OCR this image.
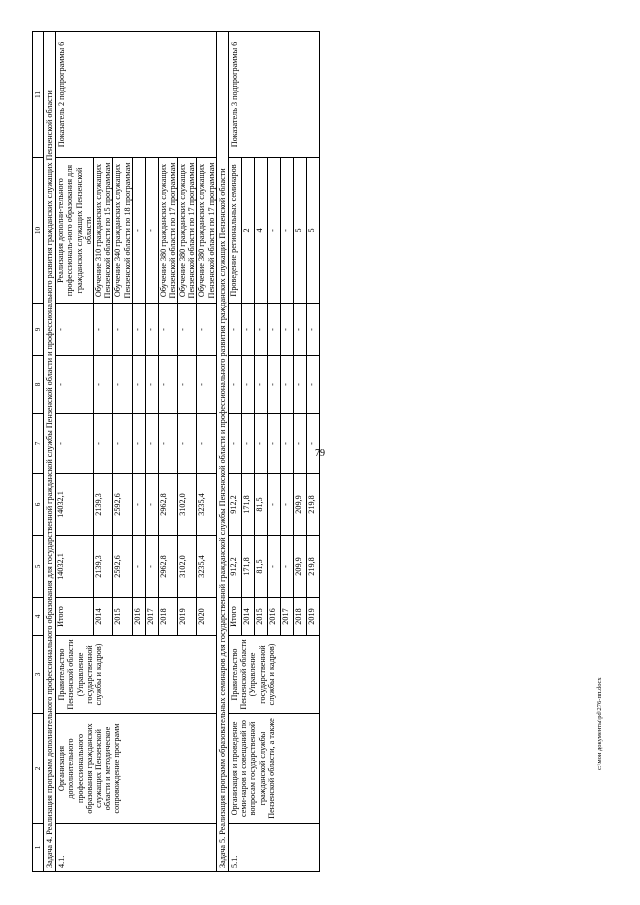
79
c:\мои документы\pd\276-пп.docx
1	2	3	4	5	6	7	8	9	10	11
Задача 4. Реализация программ дополнительного профессионального образования для государственной гражданской службы Пензенской области и профессионального развития гражданских служащих Пензенской области										
4.1.	Организация дополнительного профессионального образования гражданских служащих Пензенской области и методическое сопровождение программ	Правительство Пензенской области (Управление государственной службы и кадров)	Итого	14032,1	14032,1	-	-	-	Реализация дополни-тельного профессиональ-ного образования для гражданских служащих Пензенской области	Показатель 2 подпрограммы 6
			2014	2139,3	2139,3	-	-	-	Обучение 310 гражданских служащих Пензенской области по 15 программам	
			2015	2592,6	2592,6	-	-	-	Обучение 340 гражданских служащих Пензенской области по 18 программам	
			2016	-	-	-	-	-	-	
			2017	-	-	-	-	-	-	
			2018	2962,8	2962,8	-	-	-	Обучение 380 гражданских служащих Пензенской области по 17 программам	
			2019	3102,0	3102,0	-	-	-	Обучение 380 гражданских служащих Пензенской области по 17 программам	
			2020	3235,4	3235,4	-	-	-	Обучение 380 гражданских служащих Пензенской области по 17 программам	
Задача 5. Реализация программ образовательных семинаров для государственной гражданской службы Пензенской области и профессионального развития гражданских служащих Пензенской области										
5.1.	Организация и проведение семи-наров и совещаний по вопросам государственной гражданской службы Пензенской области, а также	Правительство Пензенской области (Управление государственной службы и кадров)	Итого	912,2	912,2	-	-	-	Проведение региональных семинаров	Показатель 3 подпрограммы 6
			2014	171,8	171,8	-	-	-	2	
			2015	81,5	81,5	-	-	-	4	
			2016	-	-	-	-	-	-	
			2017	-	-	-	-	-	-	
			2018	209,9	209,9	-	-	-	5	
			2019	219,8	219,8	-	-	-	5	
